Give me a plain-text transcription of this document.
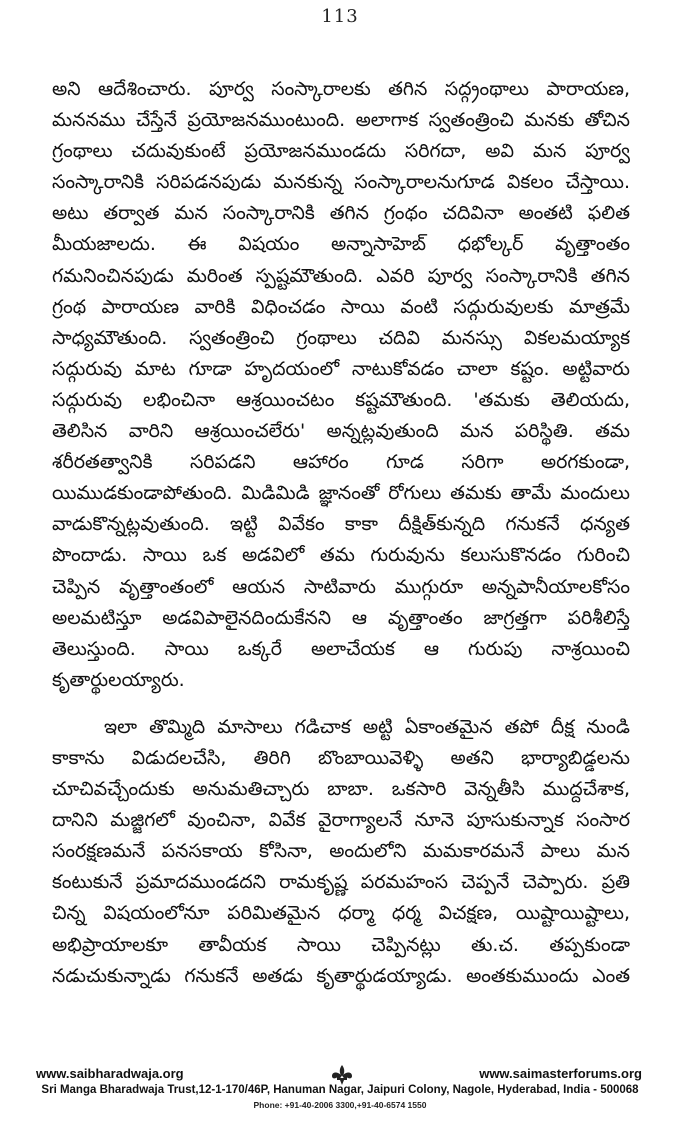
113
అని ఆదేశించారు. పూర్వ సంస్కారాలకు తగిన సద్గ్రంథాలు పారాయణ,
మననము చేస్తేనే ప్రయోజనముంటుంది. అలాగాక స్వతంత్రించి మనకు తోచిన
గ్రంథాలు చదువుకుంటే ప్రయోజనముండదు సరిగదా, అవి మన పూర్వ
సంస్కారానికి సరిపడనపుడు మనకున్న సంస్కారాలనుగూడ వికలం చేస్తాయి.
అటు తర్వాత మన సంస్కారానికి తగిన గ్రంథం చదివినా అంతటి ఫలిత
మీయజాలదు. ఈ విషయం అన్నాసాహెబ్ ధభోల్కర్ వృత్తాంతం
గమనించినపుడు మరింత స్పష్టమౌతుంది. ఎవరి పూర్వ సంస్కారానికి తగిన
గ్రంథ పారాయణ వారికి విధించడం సాయి వంటి సద్గురువులకు మాత్రమే
సాధ్యమౌతుంది. స్వతంత్రించి గ్రంథాలు చదివి మనస్సు వికలమయ్యాక
సద్గురువు మాట గూడా హృదయంలో నాటుకోవడం చాలా కష్టం. అట్టివారు
సద్గురువు లభించినా ఆశ్రయించటం కష్టమౌతుంది. 'తమకు తెలియదు,
తెలిసిన వారిని ఆశ్రయించలేరు' అన్నట్లవుతుంది మన పరిస్థితి. తమ
శరీరతత్వానికి సరిపడని ఆహారం గూడ సరిగా అరగకుండా,
యిముడకుండాపోతుంది. మిడిమిడి జ్ఞానంతో రోగులు తమకు తామే మందులు
వాడుకొన్నట్లవుతుంది. ఇట్టి వివేకం కాకా దీక్షిత్‌కున్నది గనుకనే ధన్యత
పొందాడు. సాయి ఒక అడవిలో తమ గురువును కలుసుకొనడం గురించి
చెప్పిన వృత్తాంతంలో ఆయన సాటివారు ముగ్గురూ అన్నపానీయాలకోసం
అలమటిస్తూ అడవిపాలైనదిందుకేనని ఆ వృత్తాంతం జాగ్రత్తగా పరిశీలిస్తే
తెలుస్తుంది. సాయి ఒక్కరే అలాచేయక ఆ గురుపు నాశ్రయించి
కృతార్థులయ్యారు.
ఇలా తొమ్మిది మాసాలు గడిచాక అట్టి ఏకాంతమైన తపో దీక్ష నుండి
కాకాను విడుదలచేసి, తిరిగి బొంబాయివెళ్ళి అతని భార్యాబిడ్డలను
చూచివచ్చేందుకు అనుమతిచ్చారు బాబా. ఒకసారి వెన్నతీసి ముద్దచేశాక,
దానిని మజ్జిగలో వుంచినా, వివేక వైరాగ్యాలనే నూనె పూసుకున్నాక సంసార
సంరక్షణమనే పనసకాయ కోసినా, అందులోని మమకారమనే పాలు మన
కంటుకునే ప్రమాదముండదని రామకృష్ణ పరమహంస చెప్పనే చెప్పారు. ప్రతి
చిన్న విషయంలోనూ పరిమితమైన ధర్మా ధర్మ విచక్షణ, యిష్టాయిష్టాలు,
అభిప్రాయాలకూ తావీయక సాయి చెప్పినట్లు తు.చ. తప్పకుండా
నడుచుకున్నాడు గనుకనే అతడు కృతార్థుడయ్యాడు. అంతకుముందు ఎంత
www.saibharadwaja.org	www.saimasterforums.org
Sri Manga Bharadwaja Trust,12-1-170/46P, Hanuman Nagar, Jaipuri Colony, Nagole, Hyderabad, India - 500068
Phone: +91-40-2006 3300,+91-40-6574 1550
